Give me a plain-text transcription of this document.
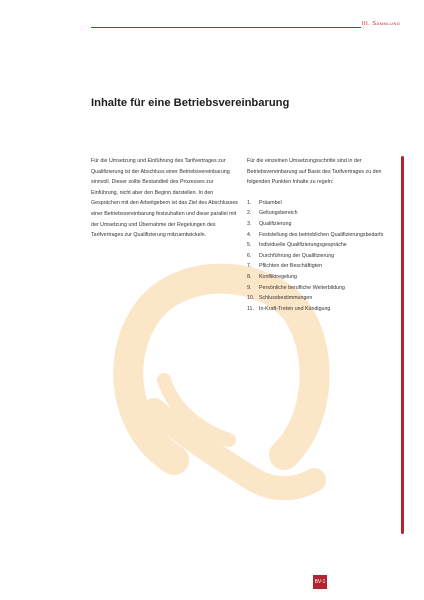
III. Sammlung
Inhalte für eine Betriebsvereinbarung

Für die Umsetzung und Einführung des Tarifvertrages zur Qualifizierung ist der Abschluss einer Betriebsvereinbarung sinnvoll. Dieser sollte Bestandteil des Prozesses zur Einführung, nicht aber den Beginn darstellen. In den Gesprächen mit den Arbeitgebern ist das Ziel des Abschlusses einer Betriebsvereinbarung festzuhalten und diese parallel mit der Umsetzung und Übernahme der Regelungen des Tarifvertrages zur Qualifizierung mitzuentwickeln.

Für die einzelnen Umsetzungsschritte sind in der Betriebsvereinbarung auf Basis des Tarifvertrages zu den folgenden Punkten Inhalte zu regeln:

1.	Präambel
2.	Geltungsbereich
3.	Qualifizierung
4.	Feststellung des betrieblichen Qualifizierungsbedarfs
5.	Individuelle Qualifizierungsgespräche
6.	Durchführung der Qualifizierung
7.	Pflichten der Beschäftigten
8.	Konfliktregelung
9.	Persönliche berufliche Weiterbildung
10. Schlussbestimmungen
11. In-Kraft-Treten und Kündigung
BV-1
